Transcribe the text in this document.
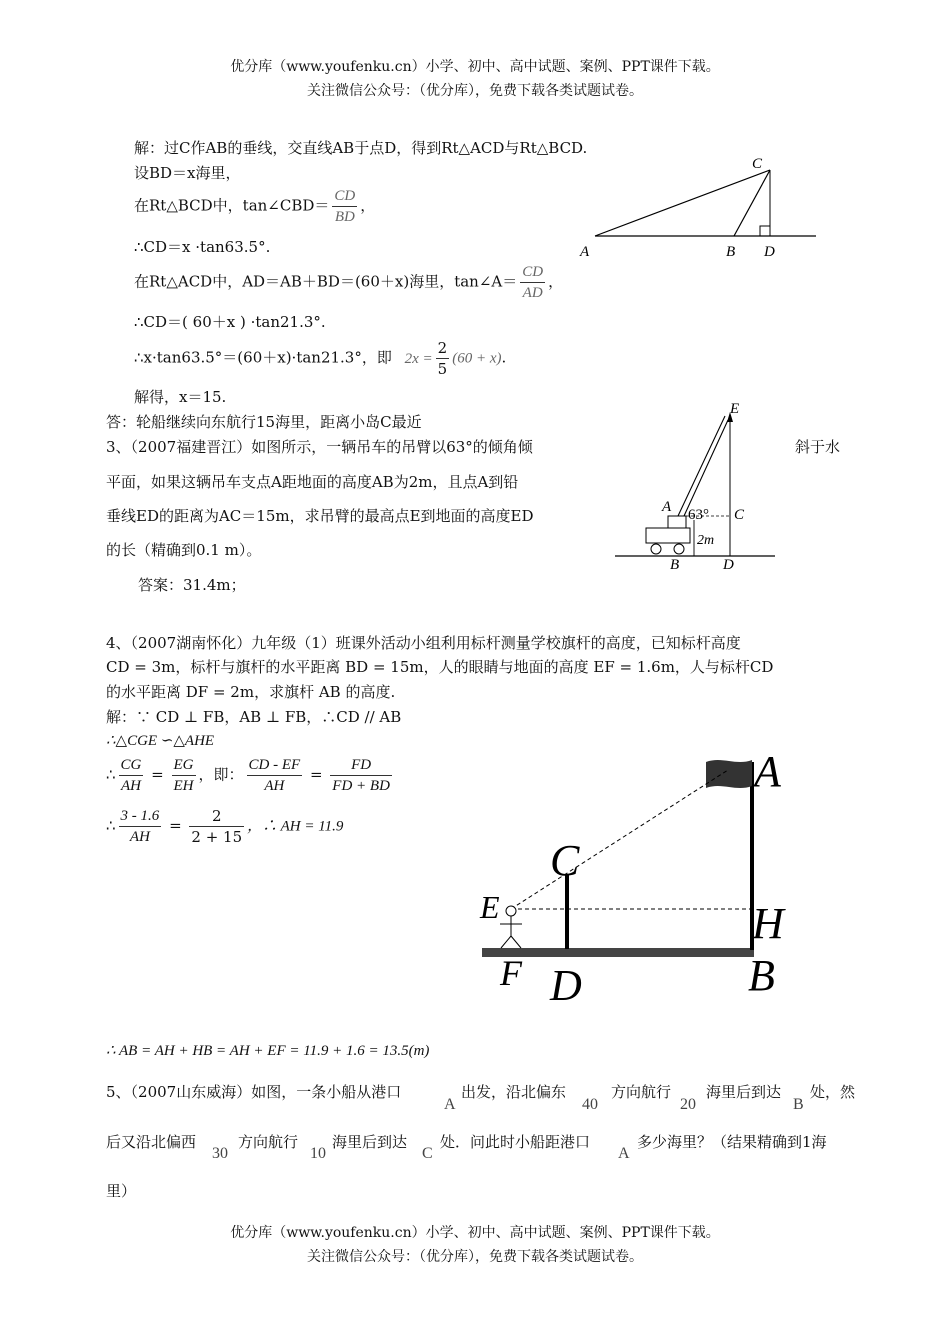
优分库（www.youfenku.cn）小学、初中、高中试题、案例、PPT课件下载。
关注微信公众号：（优分库），免费下载各类试题试卷。
解：过C作AB的垂线，交直线AB于点D，得到Rt△ACD与Rt△BCD.
设BD＝x海里，
在Rt△BCD中，tan∠CBD＝ $\frac{CD}{BD}$ ，
∴CD＝x ·tan63.5°.
在Rt△ACD中，AD＝AB＋BD＝(60＋x)海里，tan∠A＝ $\frac{CD}{AD}$ ，
∴CD＝( 60＋x ) ·tan21.3°.
∴x·tan63.5°＝(60＋x)·tan21.3°，即 $2x = \frac{2}{5} (60 + x)$.
解得，x＝15.
答：轮船继续向东航行15海里，距离小岛C最近
C
A	B D
3、（2007福建晋江）如图所示，一辆吊车的吊臂以63°的倾角倾	斜于水
平面，如果这辆吊车支点A距地面的高度AB为2m，且点A到铅
垂线ED的距离为AC＝15m，求吊臂的最高点E到地面的高度ED
的长（精确到0.1 m）。
答案：31.4m；
E
A 63° C
2m
B	D
4、（2007湖南怀化）九年级（1）班课外活动小组利用标杆测量学校旗杆的高度，已知标杆高度
CD = 3m，标杆与旗杆的水平距离 BD = 15m，人的眼睛与地面的高度 EF = 1.6m，人与标杆CD
的水平距离 DF = 2m，求旗杆 AB 的高度.
解：∵ CD ⊥ FB，AB ⊥ FB，∴CD // AB
∴△CGE ∽△AHE
∴ $\frac{CG}{AH} = \frac{EG}{EH}$ ，即： $\frac{CD - EF}{AH} = \frac{FD}{FD + BD}$
∴ $\frac{3 - 1.6}{AH} = \frac{2}{2 + 15}$ ，∴ AH = 11.9
A
C
E	H
F D	B
∴ AB = AH + HB = AH + EF = 11.9 + 1.6 = 13.5(m)
5、（2007山东威海）如图，一条小船从港口
A
出发，沿北偏东
40
方向航行
20
海里后到达
B
处，然
后又沿北偏西
30
方向航行
10
海里后到达
C
处．问此时小船距港口
A
多少海里？（结果精确到1海
里）
优分库（www.youfenku.cn）小学、初中、高中试题、案例、PPT课件下载。
关注微信公众号：（优分库），免费下载各类试题试卷。
